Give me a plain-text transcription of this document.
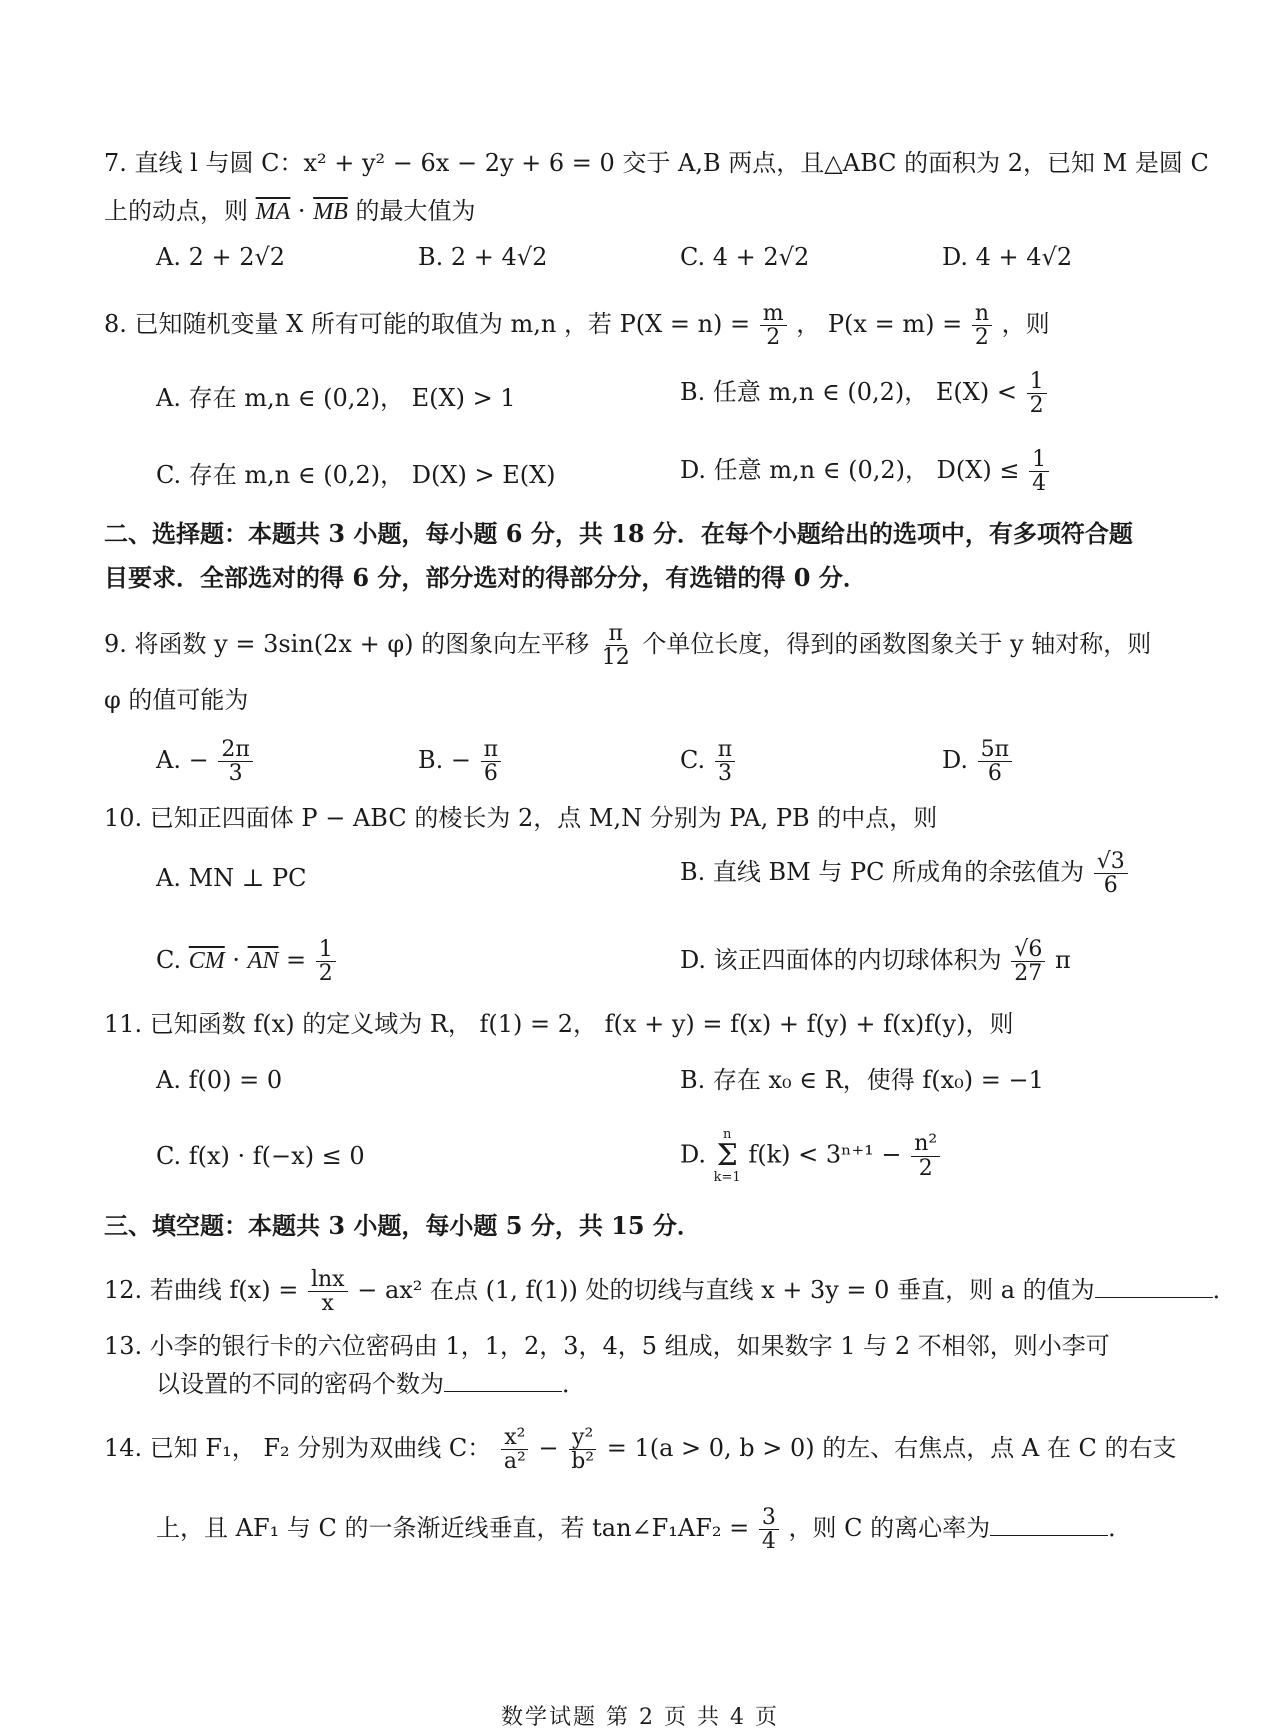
7. 直线 l 与圆 C：x² + y² − 6x − 2y + 6 = 0 交于 A,B 两点，且△ABC 的面积为 2，已知 M 是圆 C
上的动点，则 $\overline{MA} \cdot \overline{MB}$ 的最大值为
A. 2 + 2√2	B. 2 + 4√2	C. 4 + 2√2	D. 4 + 4√2
8. 已知随机变量 X 所有可能的取值为 m,n ，若 $P(X = n) = \frac{m}{2}$ ， $P(x = m) = \frac{n}{2}$ ，则
A. 存在 m,n ∈ (0,2)， E(X) > 1	B. 任意 m,n ∈ (0,2)， $E(X) < \frac{1}{2}$
C. 存在 m,n ∈ (0,2)， D(X) > E(X)	D. 任意 m,n ∈ (0,2)， $D(X) \le \frac{1}{4}$
二、选择题：本题共 3 小题，每小题 6 分，共 18 分．在每个小题给出的选项中，有多项符合题
目要求．全部选对的得 6 分，部分选对的得部分分，有选错的得 0 分．
9. 将函数 y = 3sin(2x + φ) 的图象向左平移 $\frac{\pi}{12}$ 个单位长度，得到的函数图象关于 y 轴对称，则
φ 的值可能为
A. − $\frac{2\pi}{3}$	B. − $\frac{\pi}{6}$	C. $\frac{\pi}{3}$	D. $\frac{5\pi}{6}$
10. 已知正四面体 P − ABC 的棱长为 2，点 M,N 分别为 PA, PB 的中点，则
A. MN ⊥ PC	B. 直线 BM 与 PC 所成角的余弦值为 $\frac{√3}{6}$
C. $\overline{CM} \cdot \overline{AN} = \frac{1}{2}$	D. 该正四面体的内切球体积为 $\frac{√6}{27}$ π
11. 已知函数 f(x) 的定义域为 R， f(1) = 2， f(x + y) = f(x) + f(y) + f(x)f(y)，则
A. f(0) = 0	B. 存在 x₀ ∈ R，使得 f(x₀) = −1
C. f(x) · f(−x) ≤ 0	D.
n
Σ
k=1
$f(k) < 3^{n+1} - \frac{\text{n²}}{2}$
三、填空题：本题共 3 小题，每小题 5 分，共 15 分．
12. 若曲线 $f(x) = \frac{\ln x}{x} - ax^2$ 在点 (1, f(1)) 处的切线与直线 x + 3y = 0 垂直，则 a 的值为	．
13. 小李的银行卡的六位密码由 1，1，2，3，4，5 组成，如果数字 1 与 2 不相邻，则小李可
以设置的不同的密码个数为	．
14. 已知 F₁， F₂ 分别为双曲线 C： $\frac{\text{x²}}{\text{a²}} - \frac{\text{y²}}{\text{b²}} = 1(a > 0$, b > 0) 的左、右焦点，点 A 在 C 的右支
上，且 AF₁ 与 C 的一条渐近线垂直，若 tan∠F₁AF₂ = $\frac{3}{4}$ ，则 C 的离心率为	．
数学试题 第 2 页 共 4 页
